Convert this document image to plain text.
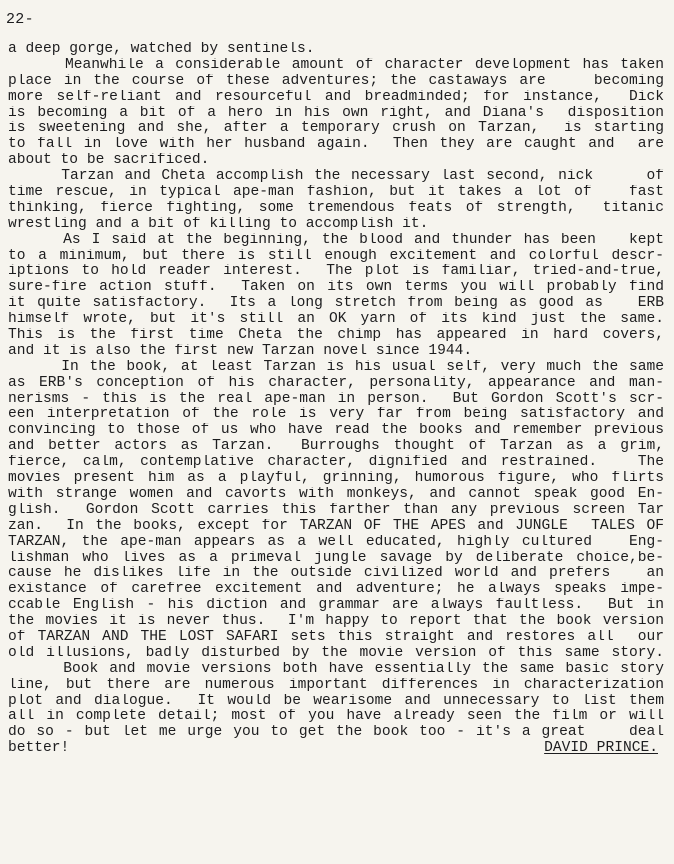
22-
a deep gorge, watched by sentinels.
Meanwhile a considerable amount of character development has taken
place in the course of these adventures; the castaways are    becoming
more self-reliant and resourceful and breadminded; for instance,  Dick
is becoming a bit of a hero in his own right, and Diana's  disposition
is sweetening and she, after a temporary crush on Tarzan,  is starting
to fall in love with her husband again.  Then they are caught and  are
about to be sacrificed.
Tarzan and Cheta accomplish the necessary last second, nick     of
time rescue, in typical ape-man fashion, but it takes a lot of   fast
thinking, fierce fighting, some tremendous feats of strength,  titanic
wrestling and a bit of killing to accomplish it.
As I said at the beginning, the blood and thunder has been   kept
to a minimum, but there is still enough excitement and colorful descr-
iptions to hold reader interest.  The plot is familiar, tried-and-true,
sure-fire action stuff.  Taken on its own terms you will probably find
it quite satisfactory.  Its a long stretch from being as good as   ERB
himself wrote, but it's still an OK yarn of its kind just the same.
This is the first time Cheta the chimp has appeared in hard covers,
and it is also the first new Tarzan novel since 1944.
In the book, at least Tarzan is his usual self, very much the same
as ERB's conception of his character, personality, appearance and man-
nerisms - this is the real ape-man in person.  But Gordon Scott's scr-
een interpretation of the role is very far from being satisfactory and
convincing to those of us who have read the books and remember previous
and better actors as Tarzan.  Burroughs thought of Tarzan as a grim,
fierce, calm, contemplative character, dignified and restrained.   The
movies present him as a playful, grinning, humorous figure, who flirts
with strange women and cavorts with monkeys, and cannot speak good En-
glish.  Gordon Scott carries this farther than any previous screen Tar
zan.  In the books, except for TARZAN OF THE APES and JUNGLE  TALES OF
TARZAN, the ape-man appears as a well educated, highly cultured   Eng-
lishman who lives as a primeval jungle savage by deliberate choice,be-
cause he dislikes life in the outside civilized world and prefers   an
existance of carefree excitement and adventure; he always speaks impe-
ccable English - his diction and grammar are always faultless.  But in
the movies it is never thus.  I'm happy to report that the book version
of TARZAN AND THE LOST SAFARI sets this straight and restores all  our
old illusions, badly disturbed by the movie version of this same story.
Book and movie versions both have essentially the same basic story
line, but there are numerous important differences in characterization
plot and dialogue.  It would be wearisome and unnecessary to list them
all in complete detail; most of you have already seen the film or will
do so - but let me urge you to get the book too - it's a great    deal
better!	DAVID PRINCE.
